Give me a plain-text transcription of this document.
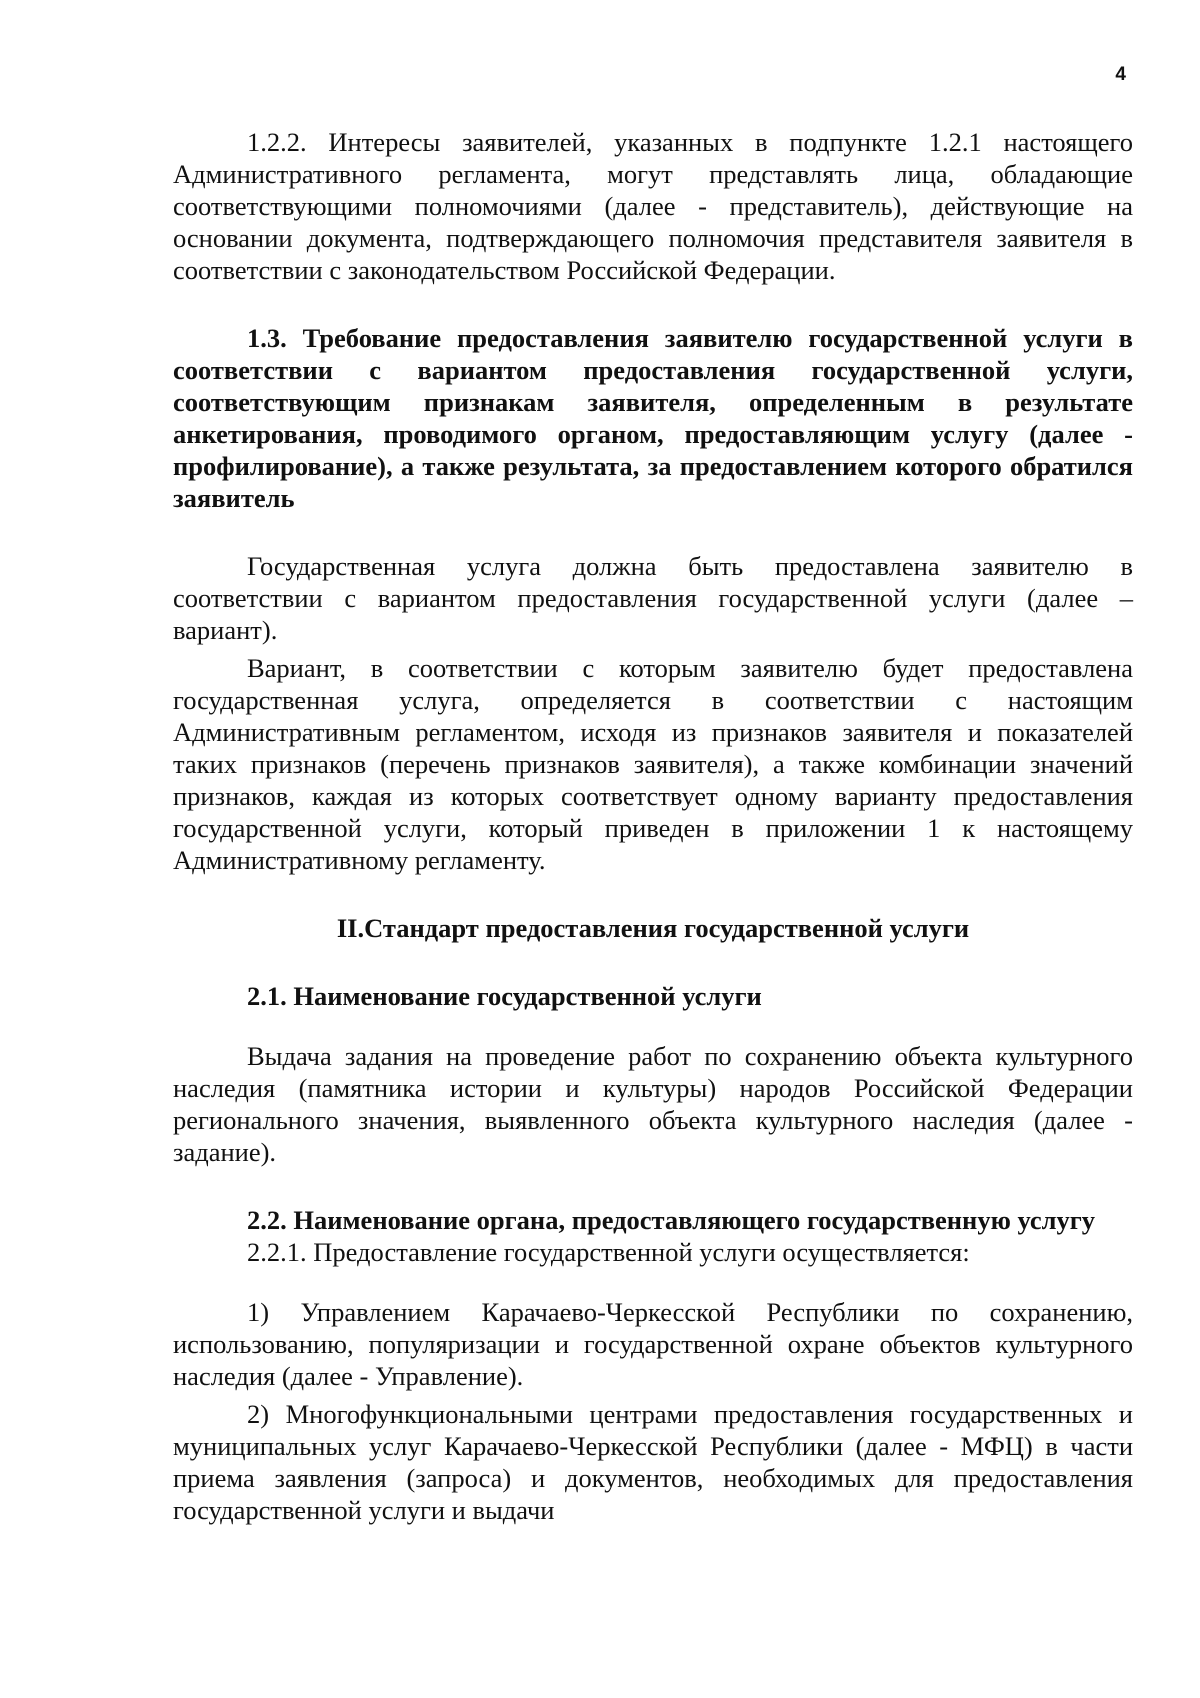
4

1.2.2. Интересы заявителей, указанных в подпункте 1.2.1 настоящего Административного регламента, могут представлять лица, обладающие соответствующими полномочиями (далее - представитель), действующие на основании документа, подтверждающего полномочия представителя заявителя в соответствии с законодательством Российской Федерации.

1.3. Требование предоставления заявителю государственной услуги в соответствии с вариантом предоставления государственной услуги, соответствующим признакам заявителя, определенным в результате анкетирования, проводимого органом, предоставляющим услугу (далее - профилирование), а также результата, за предоставлением которого обратился заявитель

Государственная услуга должна быть предоставлена заявителю в соответствии с вариантом предоставления государственной услуги (далее – вариант).

Вариант, в соответствии с которым заявителю будет предоставлена государственная услуга, определяется в соответствии с настоящим Административным регламентом, исходя из признаков заявителя и показателей таких признаков (перечень признаков заявителя), а также комбинации значений признаков, каждая из которых соответствует одному варианту предоставления государственной услуги, который приведен в приложении 1 к настоящему Административному регламенту.

II.Стандарт предоставления государственной услуги
2.1. Наименование государственной услуги

Выдача задания на проведение работ по сохранению объекта культурного наследия (памятника истории и культуры) народов Российской Федерации регионального значения, выявленного объекта культурного наследия (далее - задание).

2.2. Наименование органа, предоставляющего государственную услугу

2.2.1. Предоставление государственной услуги осуществляется:

1) Управлением Карачаево-Черкесской Республики по сохранению, использованию, популяризации и государственной охране объектов культурного наследия (далее - Управление).

2) Многофункциональными центрами предоставления государственных и муниципальных услуг Карачаево-Черкесской Республики (далее - МФЦ) в части приема заявления (запроса) и документов, необходимых для предоставления государственной услуги и выдачи
